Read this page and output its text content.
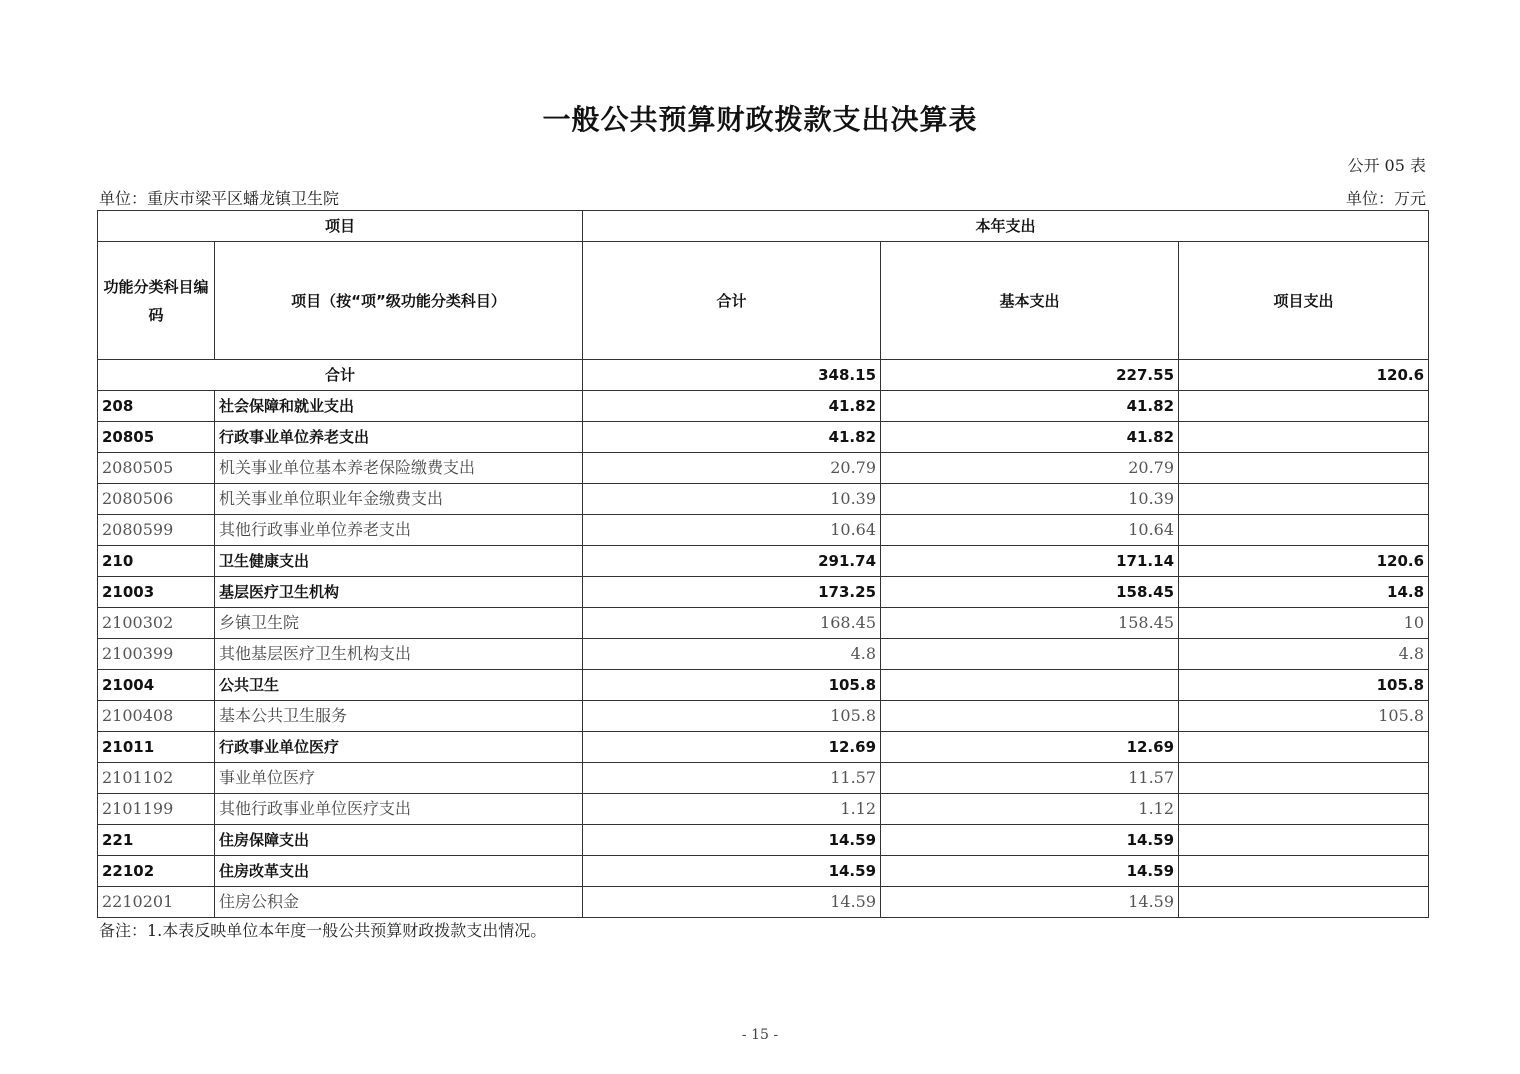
一般公共预算财政拨款支出决算表
公开 05 表
单位：重庆市梁平区蟠龙镇卫生院	单位：万元
项目		本年支出		
功能分类科目编码	项目（按“项”级功能分类科目）	合计	基本支出	项目支出
合计		348.15	227.55	120.6
208	社会保障和就业支出	41.82	41.82	
20805	行政事业单位养老支出	41.82	41.82	
2080505	机关事业单位基本养老保险缴费支出	20.79	20.79	
2080506	机关事业单位职业年金缴费支出	10.39	10.39	
2080599	其他行政事业单位养老支出	10.64	10.64	
210	卫生健康支出	291.74	171.14	120.6
21003	基层医疗卫生机构	173.25	158.45	14.8
2100302	乡镇卫生院	168.45	158.45	10
2100399	其他基层医疗卫生机构支出	4.8		4.8
21004	公共卫生	105.8		105.8
2100408	基本公共卫生服务	105.8		105.8
21011	行政事业单位医疗	12.69	12.69	
2101102	事业单位医疗	11.57	11.57	
2101199	其他行政事业单位医疗支出	1.12	1.12	
221	住房保障支出	14.59	14.59	
22102	住房改革支出	14.59	14.59	
2210201	住房公积金	14.59	14.59	
备注：1.本表反映单位本年度一般公共预算财政拨款支出情况。
- 15 -
